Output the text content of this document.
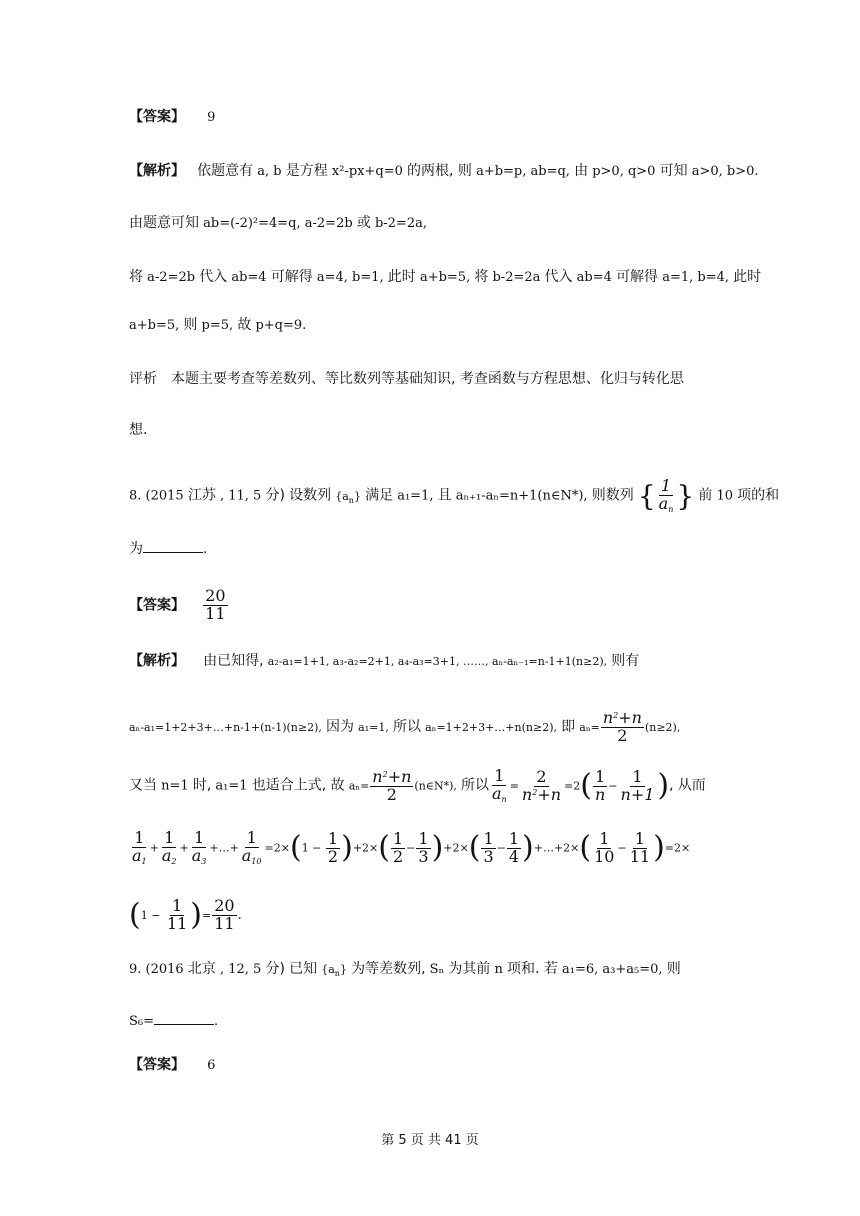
【答案】 9
【解析】 依题意有 a, b 是方程 x²-px+q=0 的两根, 则 a+b=p, ab=q, 由 p>0, q>0 可知 a>0, b>0.
由题意可知 ab=(-2)²=4=q, a-2=2b 或 b-2=2a,
将 a-2=2b 代入 ab=4 可解得 a=4, b=1, 此时 a+b=5, 将 b-2=2a 代入 ab=4 可解得 a=1, b=4, 此时
a+b=5, 则 p=5, 故 p+q=9.
评析　本题主要考查等差数列、等比数列等基础知识, 考查函数与方程思想、化归与转化思
想.
8. (2015 江苏 , 11, 5 分) 设数列 $\{a_n\}$ 满足 a₁=1, 且 aₙ₊₁-aₙ=n+1(n∈N*), 则数列 { $\frac{1}{a_n}$ } 前 10 项的和
为	.
【答案】 $\frac{20}{11}$
【解析】 由已知得, a₂-a₁=1+1, a₃-a₂=2+1, a₄-a₃=3+1, ……, aₙ-aₙ₋₁=n-1+1(n≥2), 则有
aₙ-a₁=1+2+3+…+n-1+(n-1)(n≥2), 因为 a₁=1, 所以 aₙ=1+2+3+…+n(n≥2), 即 $a_n= \frac{n^2+n}{2} (n\ge 2)$,
又当 n=1 时, a₁=1 也适合上式, 故 $a_n= \frac{n^2+n}{2}$ (n∈N*), 所以 $\frac{1}{a_n} = \frac{2}{n^2+n} =2( \frac{1}{n} - \frac{1}{n+1}$ ), 从而
$\frac{1}{a_1} + \frac{1}{a_2} + \frac{1}{a_3}$ +…+ $\frac{1}{a_{10}} =2\times(1 - \frac{1}{2} )+2\times( \frac{1}{2} - \frac{1}{3} )+2\times( \frac{1}{3} - \frac{1}{4}$ )+…+2×( $\frac{1}{10} - \frac{1}{11} )=2\times$
($1 - \frac{1}{11}$ )= $\frac{20}{11}$ .
9. (2016 北京 , 12, 5 分) 已知 $\{a_n\}$ 为等差数列, Sₙ 为其前 n 项和. 若 a₁=6, a₃+a₅=0, 则
S₆=	.
【答案】 6
第 5 页 共 41 页
